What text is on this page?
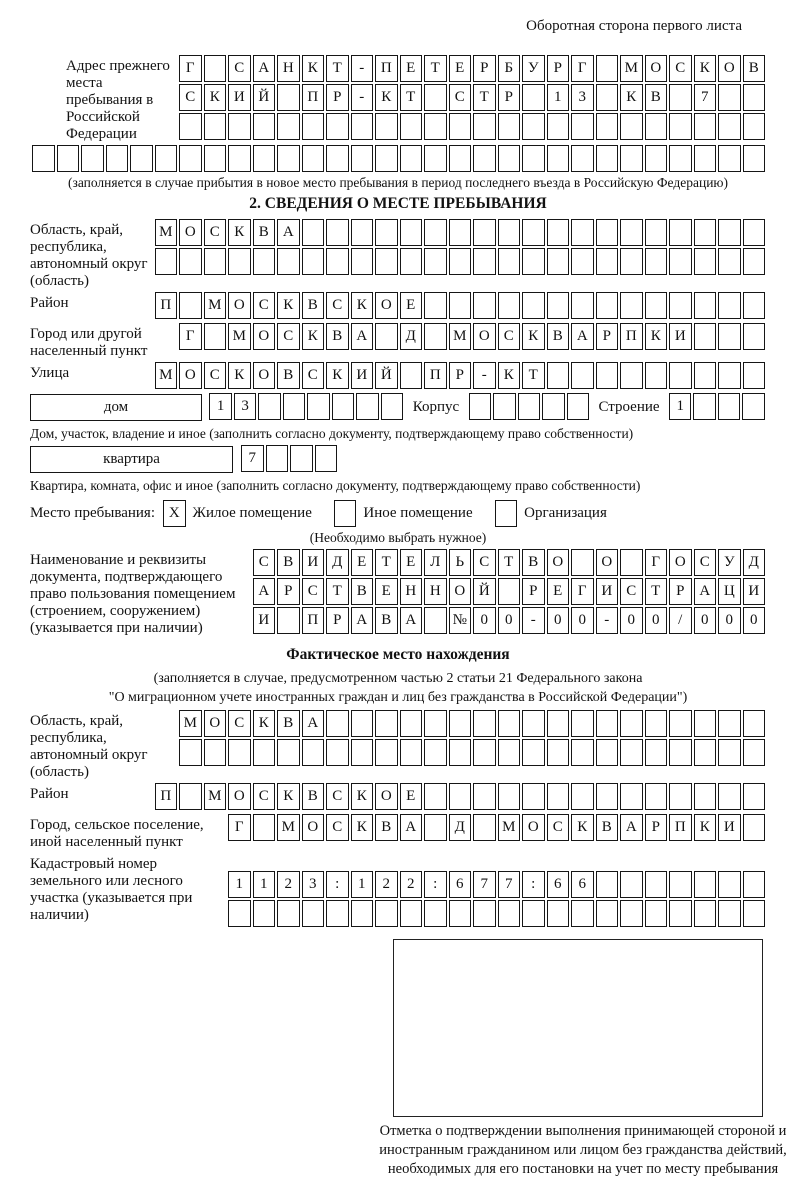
Оборотная сторона первого листа
Адрес прежнего места пребывания в Российской Федерации
Г	С А Н К Т	-	П Е	Т	Е	Р	Б У	Р	Г	М О С К О В
С К И Й	П Р	-	К Т	С Т	Р	1	3	К В	7
(заполняется в случае прибытия в новое место пребывания в период последнего въезда в Российскую Федерацию)
2. СВЕДЕНИЯ О МЕСТЕ ПРЕБЫВАНИЯ
Область, край, республика, автономный округ (область)
М О С К В А
Район	П	М О С К В С К О Е
Город или другой населенный пункт
Г	М О С К В А	Д	М О С К В А Р П К И
Улица	М О С К О В С К И Й	П Р	-	К Т
дом	1	3	Корпус	Строение	1
Дом, участок, владение и иное (заполнить согласно документу, подтверждающему право собственности)
квартира	7
Квартира, комната, офис и иное (заполнить согласно документу, подтверждающему право собственности)
Место пребывания: X Жилое помещение	Иное помещение	Организация
(Необходимо выбрать нужное)
Наименование и реквизиты документа, подтверждающего право пользования помещением (строением, сооружением) (указывается при наличии)
С В И Д Е	Т	Е Л	Ь	С Т В О	О	Г О С У Д
А Р	С Т В Е Н Н О Й	Р	Е	Г И С Т	Р А Ц И
И	П Р А В А	№ 0	0	-	0	0	-	0	0	/	0	0	0
Фактическое место нахождения
(заполняется в случае, предусмотренном частью 2 статьи 21 Федерального закона
"О миграционном учете иностранных граждан и лиц без гражданства в Российской Федерации")
Область, край, республика, автономный округ (область)
М О С К В А
Район	П	М О С К В С К О Е
Город, сельское поселение, иной населенный пункт
Г	М О С К В А	Д	М О С К В А Р П К И
Кадастровый номер земельного или лесного участка (указывается при наличии)
1	1	2	3	:	1	2	2	:	6	7	7	:	6	6
Отметка о подтверждении выполнения принимающей стороной и иностранным гражданином или лицом без гражданства действий, необходимых для его постановки на учет по месту пребывания
